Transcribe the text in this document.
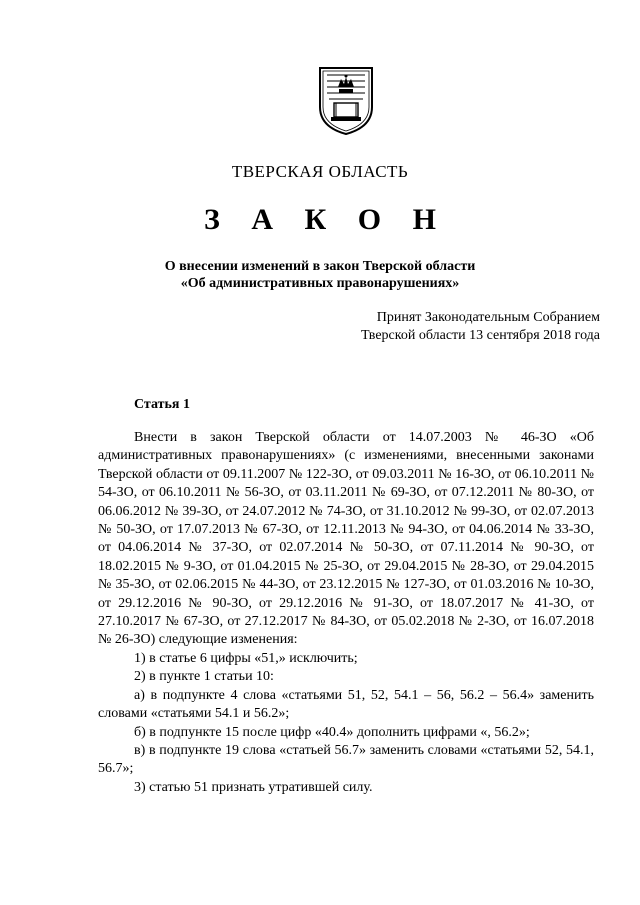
ТВЕРСКАЯ ОБЛАСТЬ
З А К О Н
О внесении изменений в закон Тверской области
«Об административных правонарушениях»
Принят Законодательным Собранием
Тверской области 13 сентября 2018 года
Статья 1

Внести в закон Тверской области от 14.07.2003 № 46-ЗО «Об административных правонарушениях» (с изменениями, внесенными законами Тверской области от 09.11.2007 № 122-ЗО, от 09.03.2011 № 16-ЗО, от 06.10.2011 № 54-ЗО, от 06.10.2011 № 56-ЗО, от 03.11.2011 № 69-ЗО, от 07.12.2011 № 80-ЗО, от 06.06.2012 № 39-ЗО, от 24.07.2012 № 74-ЗО, от 31.10.2012 № 99-ЗО, от 02.07.2013 № 50-ЗО, от 17.07.2013 № 67-ЗО, от 12.11.2013 № 94-ЗО, от 04.06.2014 № 33-ЗО, от 04.06.2014 № 37-ЗО, от 02.07.2014 № 50-ЗО, от 07.11.2014 № 90-ЗО, от 18.02.2015 № 9-ЗО, от 01.04.2015 № 25-ЗО, от 29.04.2015 № 28-ЗО, от 29.04.2015 № 35-ЗО, от 02.06.2015 № 44-ЗО, от 23.12.2015 № 127-ЗО, от 01.03.2016 № 10-ЗО, от 29.12.2016 № 90-ЗО, от 29.12.2016 № 91-ЗО, от 18.07.2017 № 41-ЗО, от 27.10.2017 № 67-ЗО, от 27.12.2017 № 84-ЗО, от 05.02.2018 № 2-ЗО, от 16.07.2018 № 26-ЗО) следующие изменения:

1) в статье 6 цифры «51,» исключить;

2) в пункте 1 статьи 10:

а) в подпункте 4 слова «статьями 51, 52, 54.1 – 56, 56.2 – 56.4» заменить словами «статьями 54.1 и 56.2»;

б) в подпункте 15 после цифр «40.4» дополнить цифрами «, 56.2»;

в) в подпункте 19 слова «статьей 56.7» заменить словами «статьями 52, 54.1, 56.7»;

3) статью 51 признать утратившей силу.
